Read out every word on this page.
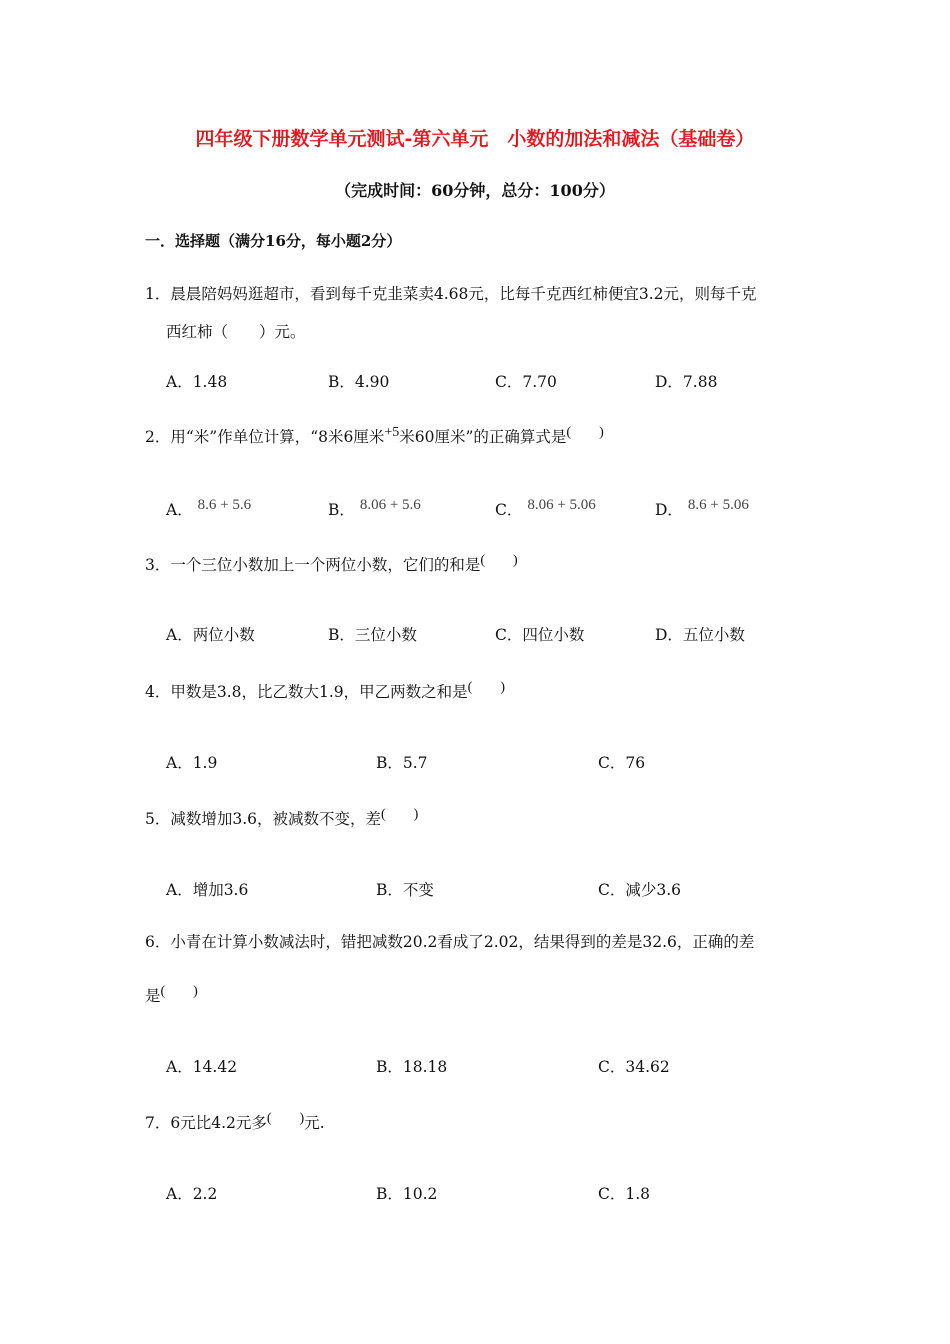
四年级下册数学单元测试-第六单元　小数的加法和减法（基础卷）
（完成时间：60分钟，总分：100分）
一．选择题（满分16分，每小题2分）
1．晨晨陪妈妈逛超市，看到每千克韭菜卖4.68元，比每千克西红柿便宜3.2元，则每千克
西红柿（　　）元。
A．1.48	B．4.90	C．7.70	D．7.88
2．用“米”作单位计算，“8米6厘米+5米60厘米”的正确算式是(　　)
A． 8.6 + 5.6	B． 8.06 + 5.6	C． 8.06 + 5.06	D． 8.6 + 5.06
3．一个三位小数加上一个两位小数，它们的和是(　　)
A．两位小数	B．三位小数	C．四位小数	D．五位小数
4．甲数是3.8，比乙数大1.9，甲乙两数之和是(　　)
A．1.9	B．5.7	C．76
5．减数增加3.6，被减数不变，差(　　)
A．增加3.6	B．不变	C．减少3.6
6．小青在计算小数减法时，错把减数20.2看成了2.02，结果得到的差是32.6，正确的差
是(　　)
A．14.42	B．18.18	C．34.62
7．6元比4.2元多(　　)元.
A．2.2	B．10.2	C．1.8
